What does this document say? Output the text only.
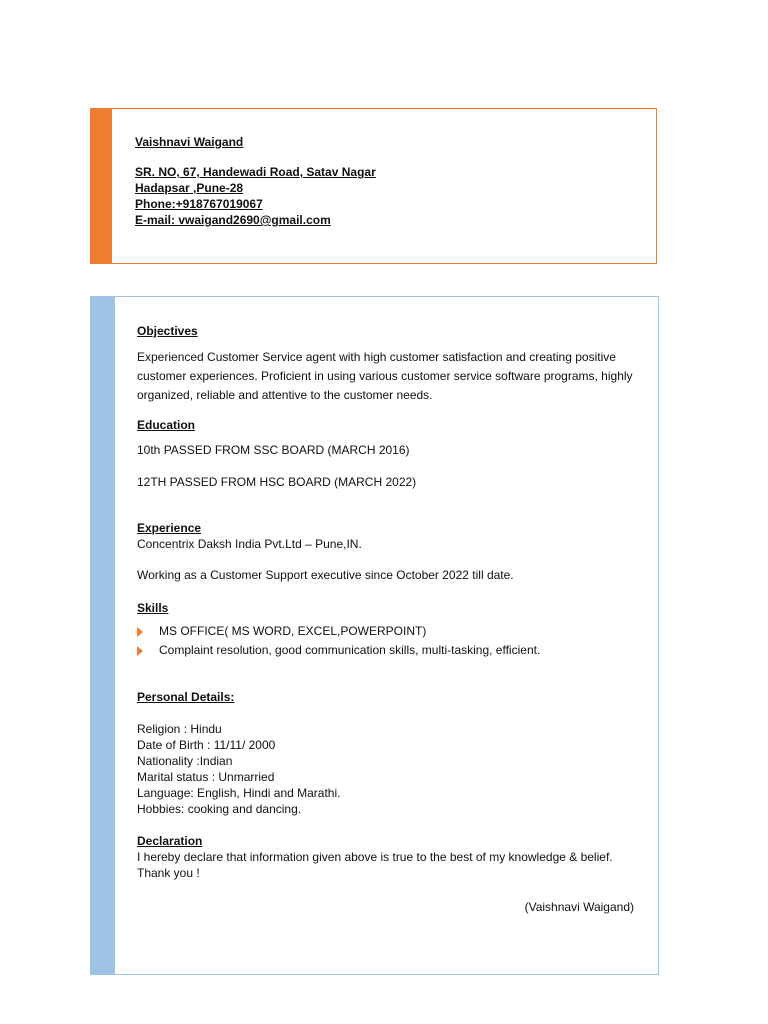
Vaishnavi Waigand
SR. NO, 67, Handewadi Road, Satav Nagar
Hadapsar ,Pune-28
Phone:+918767019067
E-mail: vwaigand2690@gmail.com
Objectives

Experienced Customer Service agent with high customer satisfaction and creating positive customer experiences. Proficient in using various customer service software programs, highly organized, reliable and attentive to the customer needs.

Education

10th PASSED FROM SSC BOARD (MARCH 2016)

12TH PASSED FROM HSC BOARD (MARCH 2022)

Experience

Concentrix Daksh India Pvt.Ltd – Pune,IN.

Working as a Customer Support executive since October 2022 till date.

Skills
MS OFFICE( MS WORD, EXCEL,POWERPOINT)
Complaint resolution, good communication skills, multi-tasking, efficient.
Personal Details:

Religion : Hindu

Date of Birth : 11/11/ 2000

Nationality :Indian

Marital status : Unmarried

Language: English, Hindi and Marathi.

Hobbies: cooking and dancing.

Declaration

I hereby declare that information given above is true to the best of my knowledge & belief.

Thank you !

(Vaishnavi Waigand)
